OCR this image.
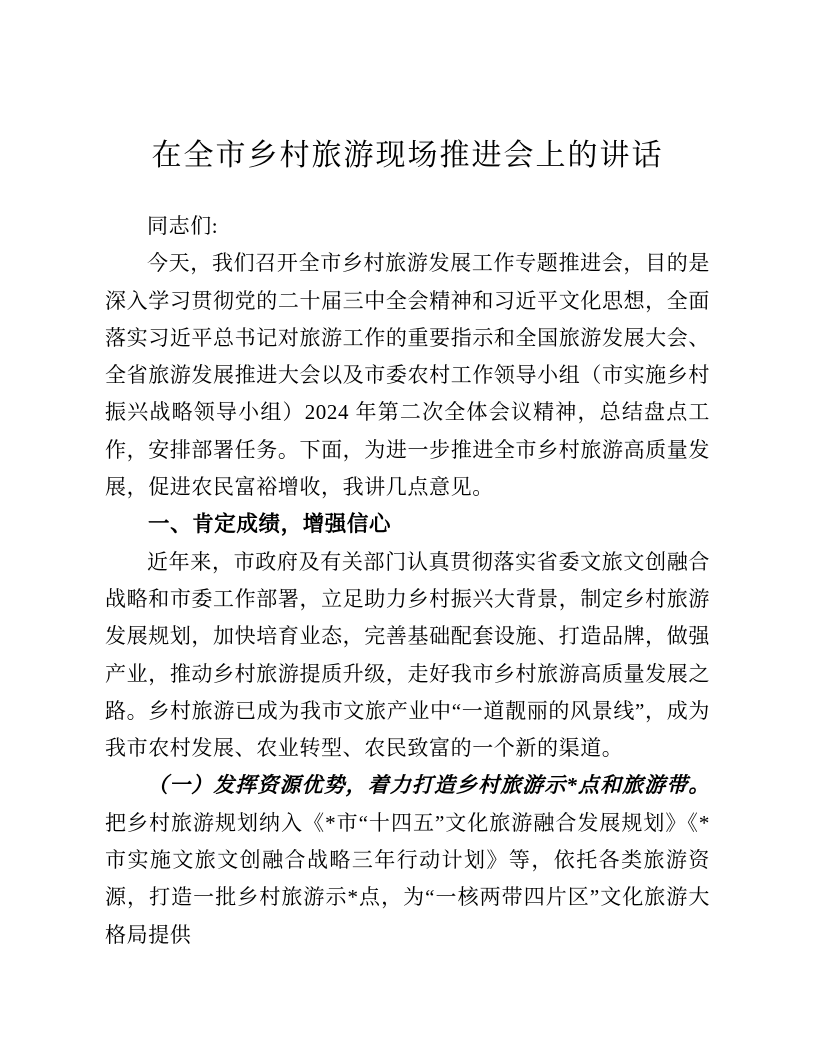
在全市乡村旅游现场推进会上的讲话

同志们:

今天，我们召开全市乡村旅游发展工作专题推进会，目的是深入学习贯彻党的二十届三中全会精神和习近平文化思想，全面落实习近平总书记对旅游工作的重要指示和全国旅游发展大会、全省旅游发展推进大会以及市委农村工作领导小组（市实施乡村振兴战略领导小组）2024 年第二次全体会议精神，总结盘点工作，安排部署任务。下面，为进一步推进全市乡村旅游高质量发展，促进农民富裕增收，我讲几点意见。

一、肯定成绩，增强信心

近年来，市政府及有关部门认真贯彻落实省委文旅文创融合战略和市委工作部署，立足助力乡村振兴大背景，制定乡村旅游发展规划，加快培育业态，完善基础配套设施、打造品牌，做强产业，推动乡村旅游提质升级，走好我市乡村旅游高质量发展之路。乡村旅游已成为我市文旅产业中“一道靓丽的风景线”，成为我市农村发展、农业转型、农民致富的一个新的渠道。

（一）发挥资源优势，着力打造乡村旅游示*点和旅游带。把乡村旅游规划纳入《*市“十四五”文化旅游融合发展规划》《*市实施文旅文创融合战略三年行动计划》等，依托各类旅游资源，打造一批乡村旅游示*点，为“一核两带四片区”文化旅游大格局提供
